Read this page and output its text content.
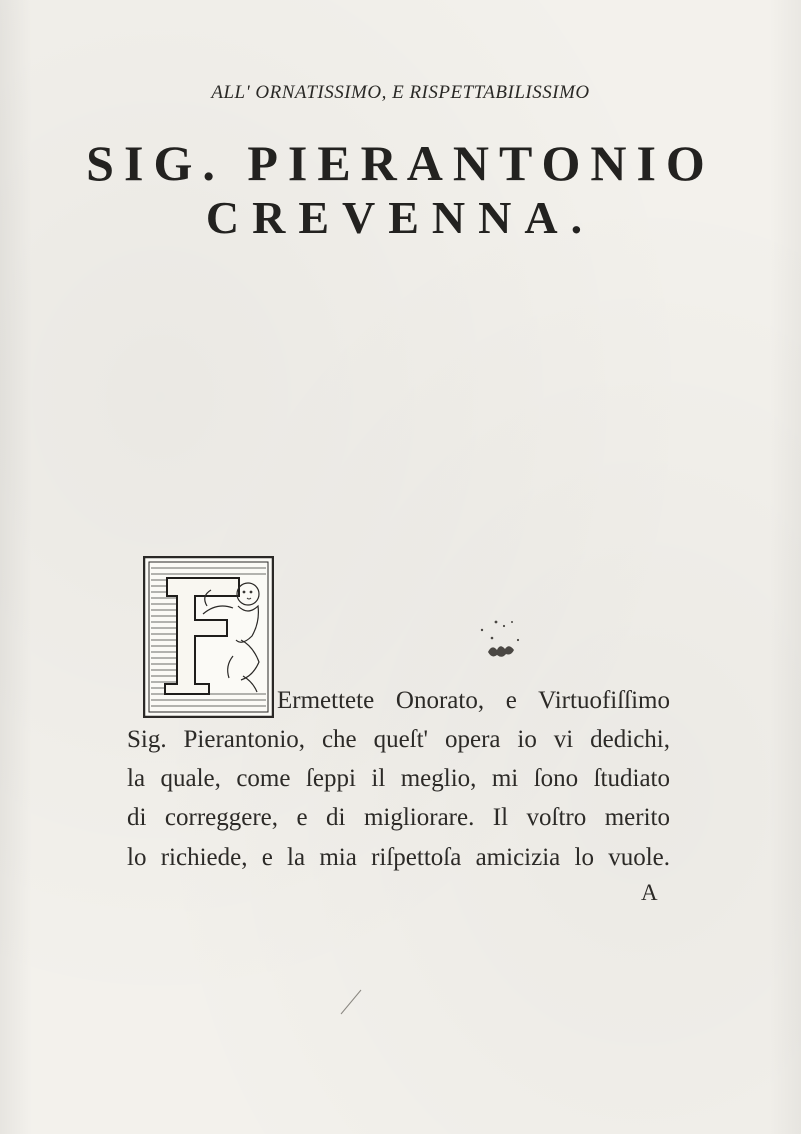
ALL' ORNATISSIMO, E RISPETTABILISSIMO
SIG. PIERANTONIO
CREVENNA.
Ermettete Onorato, e Virtuofiſſimo
Sig. Pierantonio, che queſt' opera io vi dedichi,
la quale, come ſeppi il meglio, mi ſono ſtudiato
di correggere, e di migliorare. Il voſtro merito
lo richiede, e la mia riſpettoſa amicizia lo vuole.
A
